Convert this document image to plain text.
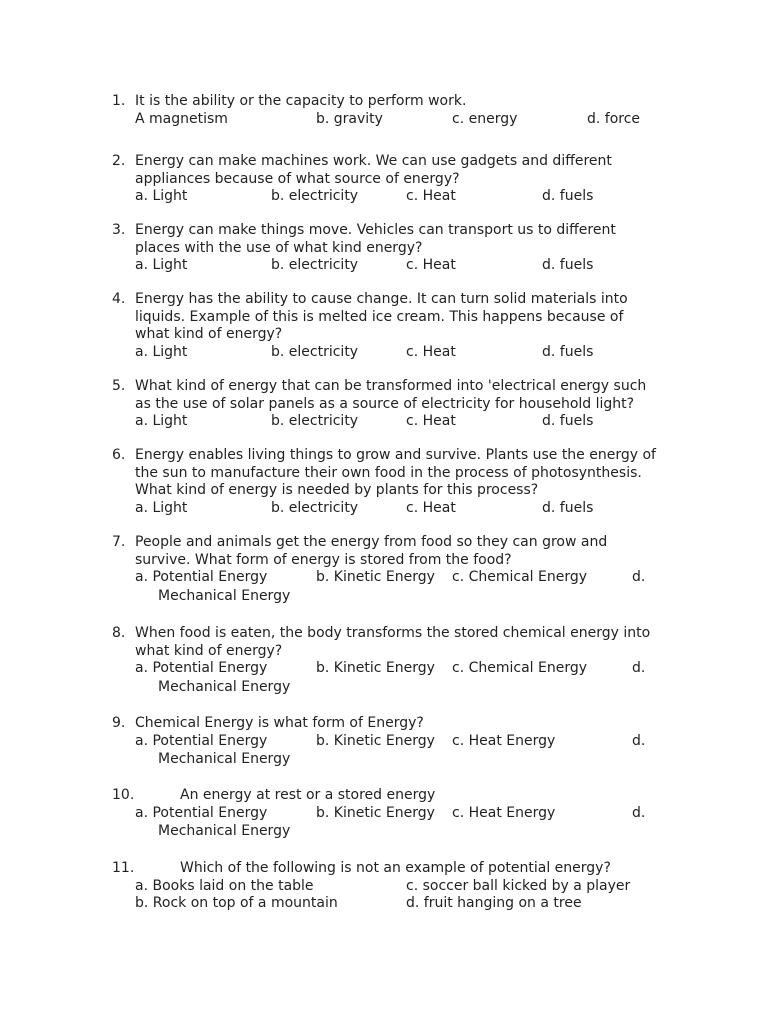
1. It is the ability or the capacity to perform work.
A magnetism	b. gravity	c. energy	d. force
2. Energy can make machines work. We can use gadgets and different
appliances because of what source of energy?
a. Light	b. electricity	c. Heat	d. fuels
3. Energy can make things move. Vehicles can transport us to different
places with the use of what kind energy?
a. Light	b. electricity	c. Heat	d. fuels
4. Energy has the ability to cause change. It can turn solid materials into
liquids. Example of this is melted ice cream. This happens because of
what kind of energy?
a. Light	b. electricity	c. Heat	d. fuels
5. What kind of energy that can be transformed into 'electrical energy such
as the use of solar panels as a source of electricity for household light?
a. Light	b. electricity	c. Heat	d. fuels
6. Energy enables living things to grow and survive. Plants use the energy of
the sun to manufacture their own food in the process of photosynthesis.
What kind of energy is needed by plants for this process?
a. Light	b. electricity	c. Heat	d. fuels
7. People and animals get the energy from food so they can grow and
survive. What form of energy is stored from the food?
a. Potential Energy	b. Kinetic Energy c. Chemical Energy	d.
Mechanical Energy
8. When food is eaten, the body transforms the stored chemical energy into
what kind of energy?
a. Potential Energy	b. Kinetic Energy c. Chemical Energy	d.
Mechanical Energy
9. Chemical Energy is what form of Energy?
a. Potential Energy	b. Kinetic Energy c. Heat Energy	d.
Mechanical Energy
10.	An energy at rest or a stored energy
a. Potential Energy	b. Kinetic Energy c. Heat Energy	d.
Mechanical Energy
11.	Which of the following is not an example of potential energy?
a. Books laid on the table	c. soccer ball kicked by a player
b. Rock on top of a mountain	d. fruit hanging on a tree
